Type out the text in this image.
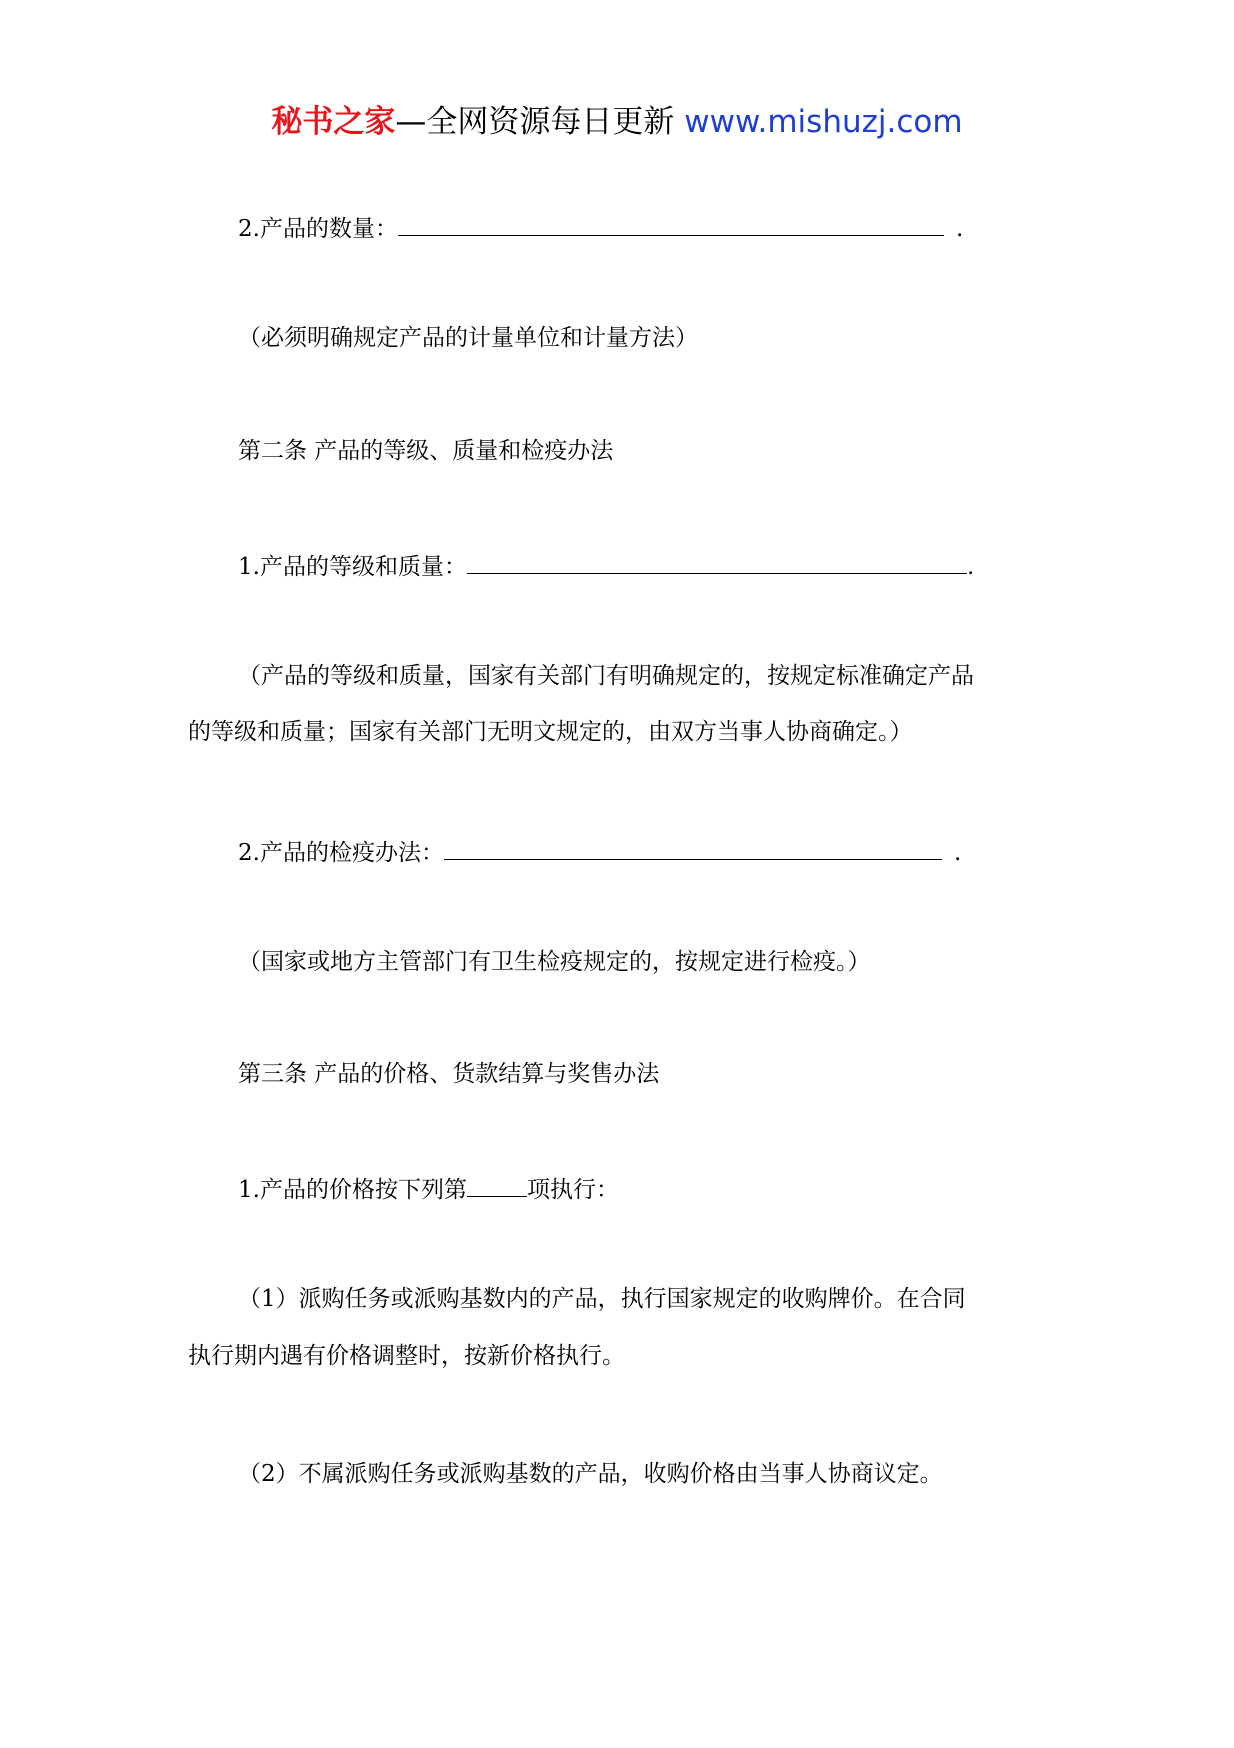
秘书之家—全网资源每日更新 www.mishuzj.com
2.产品的数量：	.
（必须明确规定产品的计量单位和计量方法）
第二条 产品的等级、质量和检疫办法
1.产品的等级和质量：	.
（产品的等级和质量，国家有关部门有明确规定的，按规定标准确定产品
的等级和质量；国家有关部门无明文规定的，由双方当事人协商确定。）
2.产品的检疫办法：	.
（国家或地方主管部门有卫生检疫规定的，按规定进行检疫。）
第三条 产品的价格、货款结算与奖售办法
1.产品的价格按下列第	项执行：
（1）派购任务或派购基数内的产品，执行国家规定的收购牌价。在合同
执行期内遇有价格调整时，按新价格执行。
（2）不属派购任务或派购基数的产品，收购价格由当事人协商议定。
